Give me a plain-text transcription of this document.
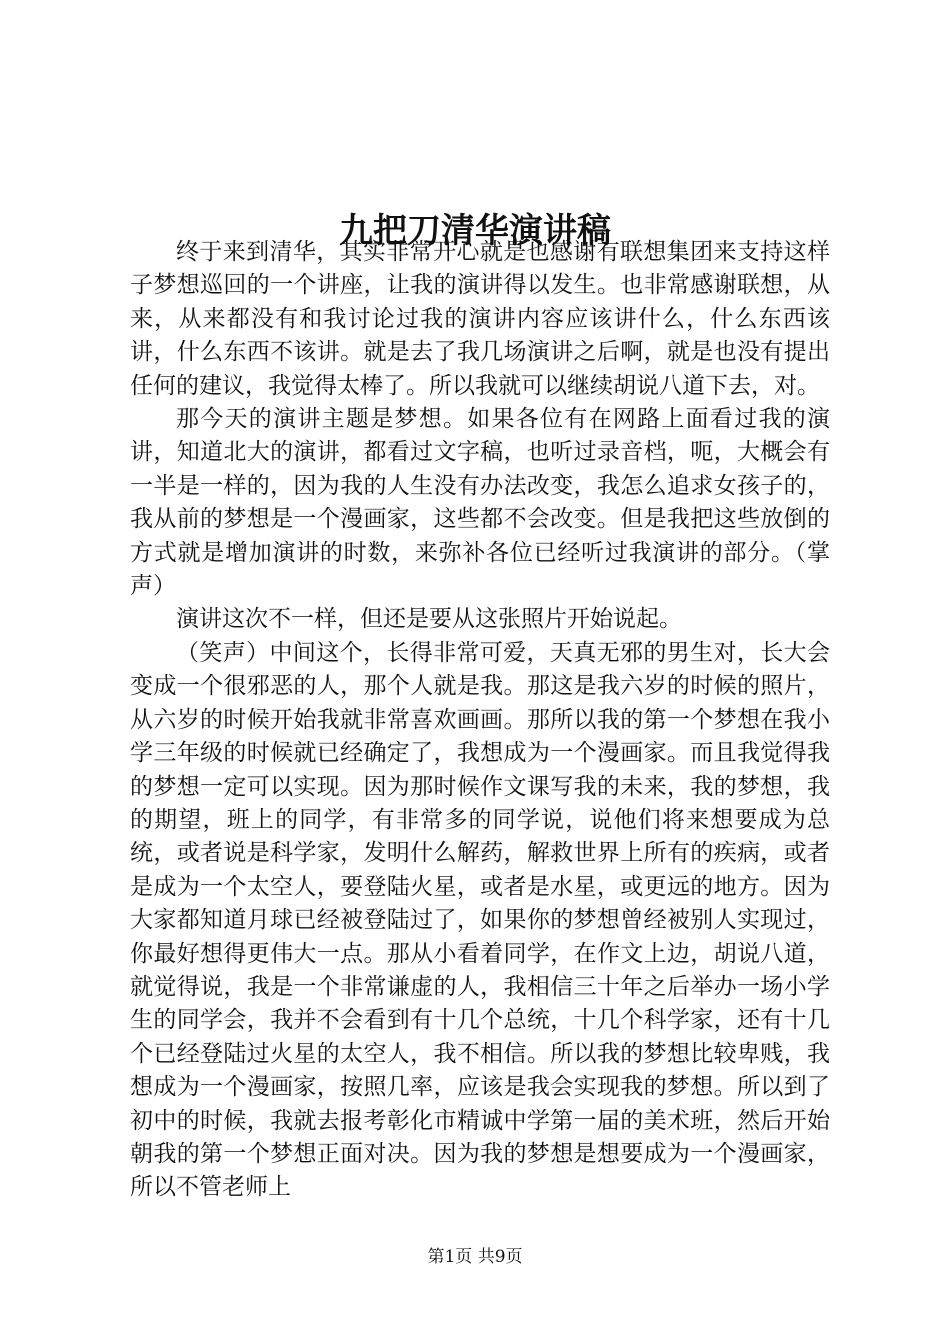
九把刀清华演讲稿

终于来到清华，其实非常开心就是也感谢有联想集团来支持这样子梦想巡回的一个讲座，让我的演讲得以发生。也非常感谢联想，从来，从来都没有和我讨论过我的演讲内容应该讲什么，什么东西该讲，什么东西不该讲。就是去了我几场演讲之后啊，就是也没有提出任何的建议，我觉得太棒了。所以我就可以继续胡说八道下去，对。

那今天的演讲主题是梦想。如果各位有在网路上面看过我的演讲，知道北大的演讲，都看过文字稿，也听过录音档，呃，大概会有一半是一样的，因为我的人生没有办法改变，我怎么追求女孩子的，我从前的梦想是一个漫画家，这些都不会改变。但是我把这些放倒的方式就是增加演讲的时数，来弥补各位已经听过我演讲的部分。（掌声）

演讲这次不一样，但还是要从这张照片开始说起。

（笑声）中间这个，长得非常可爱，天真无邪的男生对，长大会变成一个很邪恶的人，那个人就是我。那这是我六岁的时候的照片，从六岁的时候开始我就非常喜欢画画。那所以我的第一个梦想在我小学三年级的时候就已经确定了，我想成为一个漫画家。而且我觉得我的梦想一定可以实现。因为那时候作文课写我的未来，我的梦想，我的期望，班上的同学，有非常多的同学说，说他们将来想要成为总统，或者说是科学家，发明什么解药，解救世界上所有的疾病，或者是成为一个太空人，要登陆火星，或者是水星，或更远的地方。因为大家都知道月球已经被登陆过了，如果你的梦想曾经被别人实现过，你最好想得更伟大一点。那从小看着同学，在作文上边，胡说八道，就觉得说，我是一个非常谦虚的人，我相信三十年之后举办一场小学生的同学会，我并不会看到有十几个总统，十几个科学家，还有十几个已经登陆过火星的太空人，我不相信。所以我的梦想比较卑贱，我想成为一个漫画家，按照几率，应该是我会实现我的梦想。所以到了初中的时候，我就去报考彰化市精诚中学第一届的美术班，然后开始朝我的第一个梦想正面对决。因为我的梦想是想要成为一个漫画家，所以不管老师上

第1页 共9页
